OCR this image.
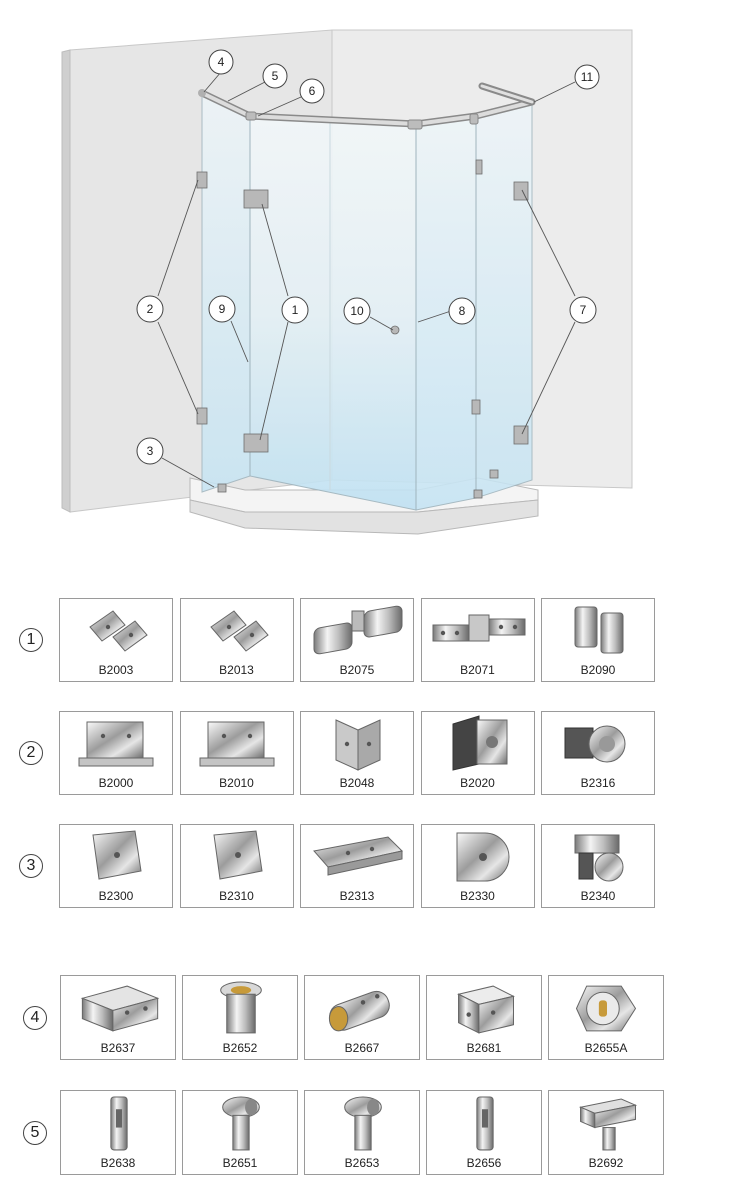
1
2
3
4
5
6
7
8
9	10
11
1
B2003	B2013	B2075	B2071	B2090
2
B2000	B2010	B2048	B2020	B2316
3
B2300	B2310	B2313	B2330	B2340
4
B2637	B2652	B2667	B2681	B2655A
5
B2638	B2651	B2653	B2656	B2692
